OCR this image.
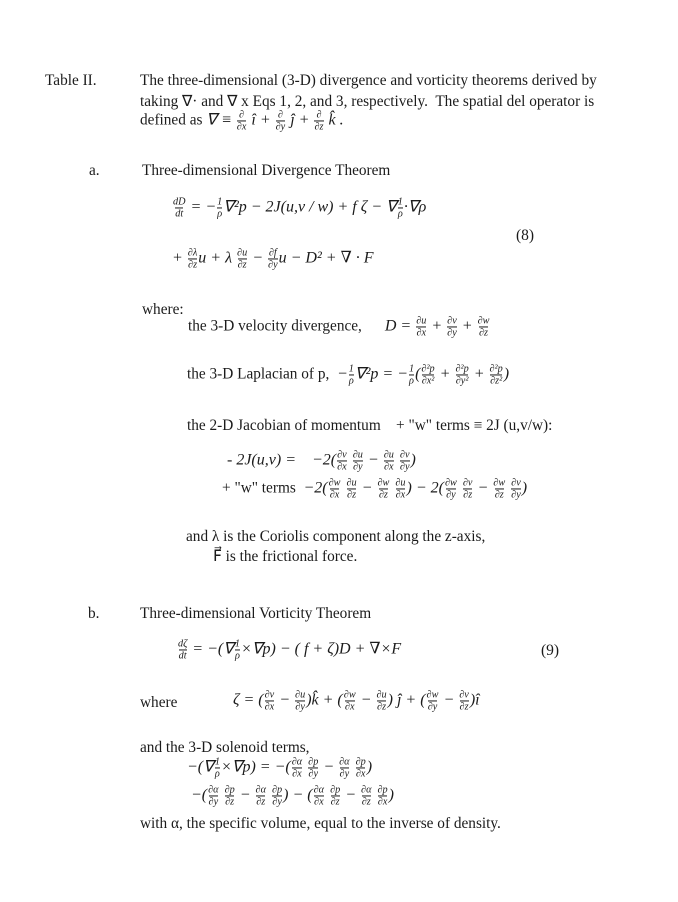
Table II.	The three-dimensional (3-D) divergence and vorticity theorems derived by
taking ∇· and ∇ x Eqs 1, 2, and 3, respectively.  The spatial del operator is
defined as ∇ ≡ $\frac{\partial}{\partial x}$ î + $\frac{\partial}{\partial y}$ ĵ + $\frac{\partial}{\partial z}$ k̂ .
a.	Three-dimensional Divergence Theorem
$\frac{dD}{dt}$ = − $\frac{1}{\rho} \nabla^2p - 2J(u,v / w) + f$ ζ − ∇ $\frac{1}{\rho} \cdot\nabla\rho$
(8)
+ $\frac{\partial\lambda}{\partial z}$ u + λ $\frac{\partial u}{\partial z} - \frac{\partial f}{\partial y}$ u − D² + ∇ · F⃗
where:
the 3-D velocity divergence,      $D = \frac{\partial u}{\partial x} + \frac{\partial v}{\partial y} + \frac{\partial w}{\partial z}$
the 3-D Laplacian of p,  − $\frac{1}{\rho} \nabla^2p$ = − $\frac{1}{\rho}$ ( $\frac{\text{∂²p}}{\text{∂x²}} + \frac{\text{∂²p}}{\text{∂y²}} + \frac{\text{∂²p}}{\text{∂z²}}$ )
the 2-D Jacobian of momentum    + "w" terms ≡ 2J (u,v/w):
- 2J(u,v) =    $-2( \frac{\partial v}{\partial x}$
$\frac{\partial u}{\partial y} - \frac{\partial u}{\partial x}$
$\frac{\partial v}{\partial y}$ )
+ "w" terms  $-2( \frac{\partial w}{\partial x}$
$\frac{\partial u}{\partial z} - \frac{\partial w}{\partial z}$
$\frac{\partial u}{\partial x}$ ) − $2( \frac{\partial w}{\partial y}$
$\frac{\partial v}{\partial z} - \frac{\partial w}{\partial z}$
$\frac{\partial v}{\partial y}$ )
and λ is the Coriolis component along the z-axis,
F⃗ is the frictional force.
b.	Three-dimensional Vorticity Theorem
$\frac{d\zeta}{dt}$ = −(∇ $\frac{1}{\rho} \times\nabla p$) − ( f + ζ)D + ∇×F⃗	(9)
where	ζ = ( $\frac{\partial v}{\partial x} - \frac{\partial u}{\partial y}$ )k̂ + ( $\frac{\partial w}{\partial x} - \frac{\partial u}{\partial z}$ ) ĵ + ( $\frac{\partial w}{\partial y} - \frac{\partial v}{\partial z}$ )î
and the 3-D solenoid terms,
−(∇ $\frac{1}{\rho} \times\nabla p$) = −( $\frac{\partial\alpha}{\partial x}$
$\frac{\partial p}{\partial y} - \frac{\partial\alpha}{\partial y}$
$\frac{\partial p}{\partial x}$ )
−( $\frac{\partial\alpha}{\partial y}$
$\frac{\partial p}{\partial z} - \frac{\partial\alpha}{\partial z}$
$\frac{\partial p}{\partial y}$ ) − ( $\frac{\partial\alpha}{\partial x}$
$\frac{\partial p}{\partial z} - \frac{\partial\alpha}{\partial z}$
$\frac{\partial p}{\partial x}$ )
with α, the specific volume, equal to the inverse of density.
